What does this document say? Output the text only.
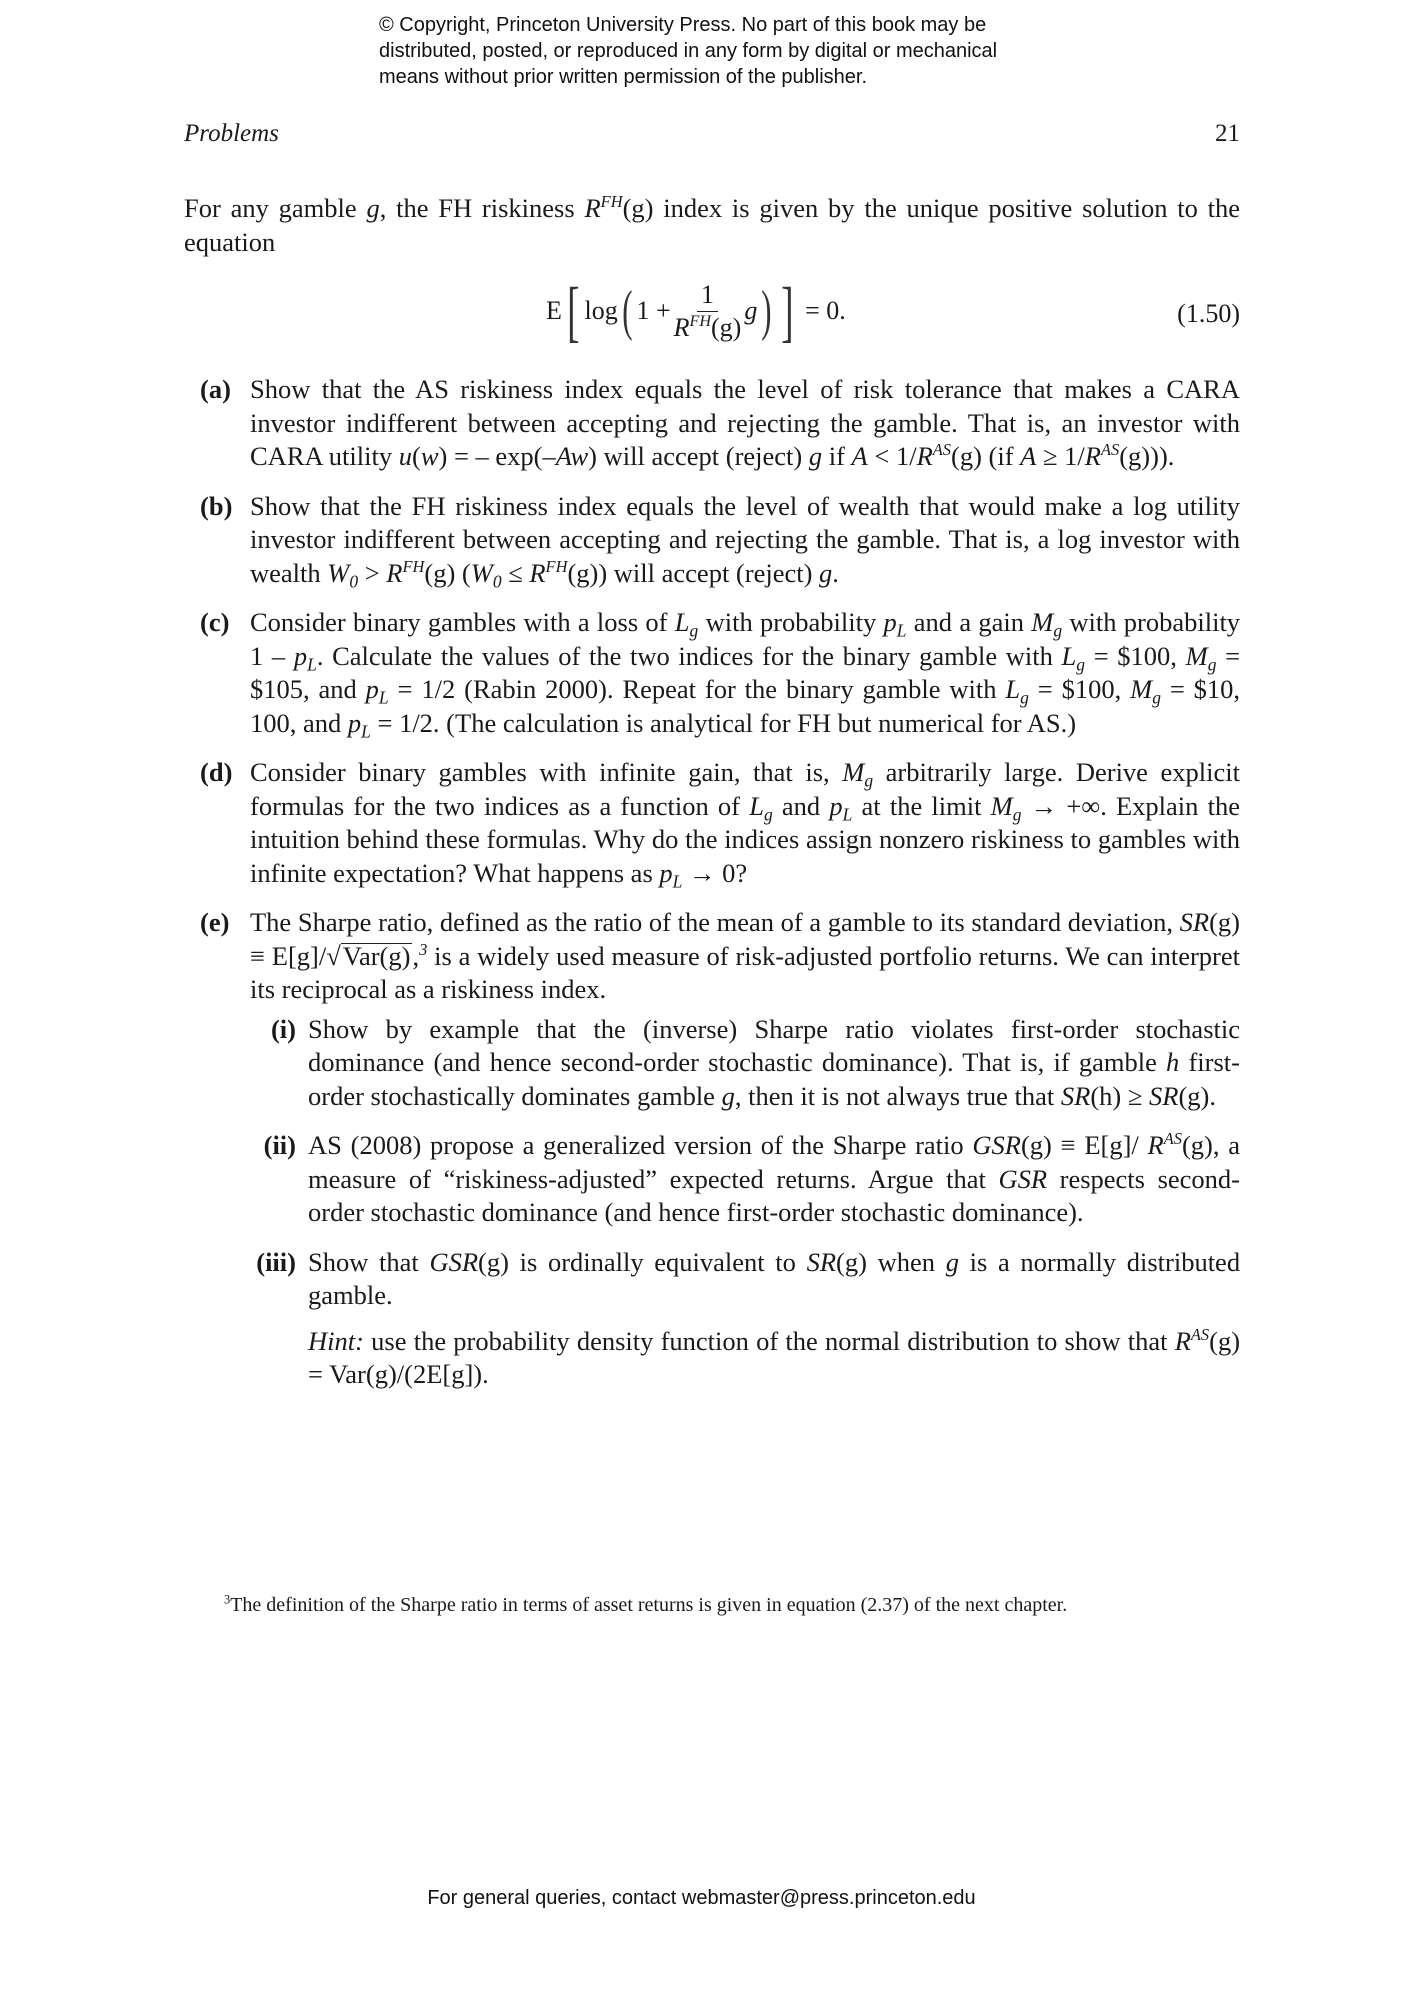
© Copyright, Princeton University Press. No part of this book may be
distributed, posted, or reproduced in any form by digital or mechanical
means without prior written permission of the publisher.
Problems	21

For any gamble g, the FH riskiness $R^{FH}(g)$ index is given by the unique positive solution to the equation

E [ log ( 1
+ $\frac{1}{R^{FH}(g)}$ g ) ]
= 0.	(1.50)
(a) Show that the AS riskiness index equals the level of risk tolerance that makes a CARA investor indifferent between accepting and rejecting the gamble. That is, an investor with CARA utility u(w) = – exp(–Aw) will accept (reject) g if $A < 1/R^{AS}(g)$ (if $A \ge 1/R^{AS}(g)$)).
(b) Show that the FH riskiness index equals the level of wealth that would make a log utility investor indifferent between accepting and rejecting the gamble. That is, a log investor with wealth $W_0 > R^{FH}(g) (W_0 \le R^{FH}(g))$ will accept (reject) g.
(c) Consider binary gambles with a loss of $L_g$ with probability $p_L$ and a gain $M_g$ with probability $1 - p_L$. Calculate the values of the two indices for the binary gamble with $L_g$ = $100, $M_g$ = $105, and $p_L = 1/2$ (Rabin 2000). Repeat for the binary gamble with $L_g$ = $100, $M_g$ = $10, 100, and $p_L = 1/2$. (The calculation is analytical for FH but numerical for AS.)
(d) Consider binary gambles with infinite gain, that is, $M_g$ arbitrarily large. Derive explicit formulas for the two indices as a function of $L_g$ and $p_L$ at the limit $M_g$ → +∞. Explain the intuition behind these formulas. Why do the indices assign nonzero riskiness to gambles with infinite expectation? What happens as $p_L \to 0$?
(e) The Sharpe ratio, defined as the ratio of the mean of a gamble to its standard deviation, SR(g) ≡ E[g]/√Var(g),$^3$ is a widely used measure of risk-adjusted portfolio returns. We can interpret its reciprocal as a riskiness index.
(i) Show by example that the (inverse) Sharpe ratio violates first-order stochastic dominance (and hence second-order stochastic dominance). That is, if gamble h first-order stochastically dominates gamble g, then it is not always true that SR(h) ≥ SR(g).
(ii) AS (2008) propose a generalized version of the Sharpe ratio GSR(g) ≡ E[g]/ $R^{AS}(g)$, a measure of “riskiness-adjusted” expected returns. Argue that GSR respects second-order stochastic dominance (and hence first-order stochastic dominance).
(iii) Show that GSR(g) is ordinally equivalent to SR(g) when g is a normally distributed gamble.
Hint: use the probability density function of the normal distribution to show that $R^{AS}(g) = Var(g)/(2E[g])$.
$^3$The definition of the Sharpe ratio in terms of asset returns is given in equation (2.37) of the next chapter.
For general queries, contact webmaster@press.princeton.edu
